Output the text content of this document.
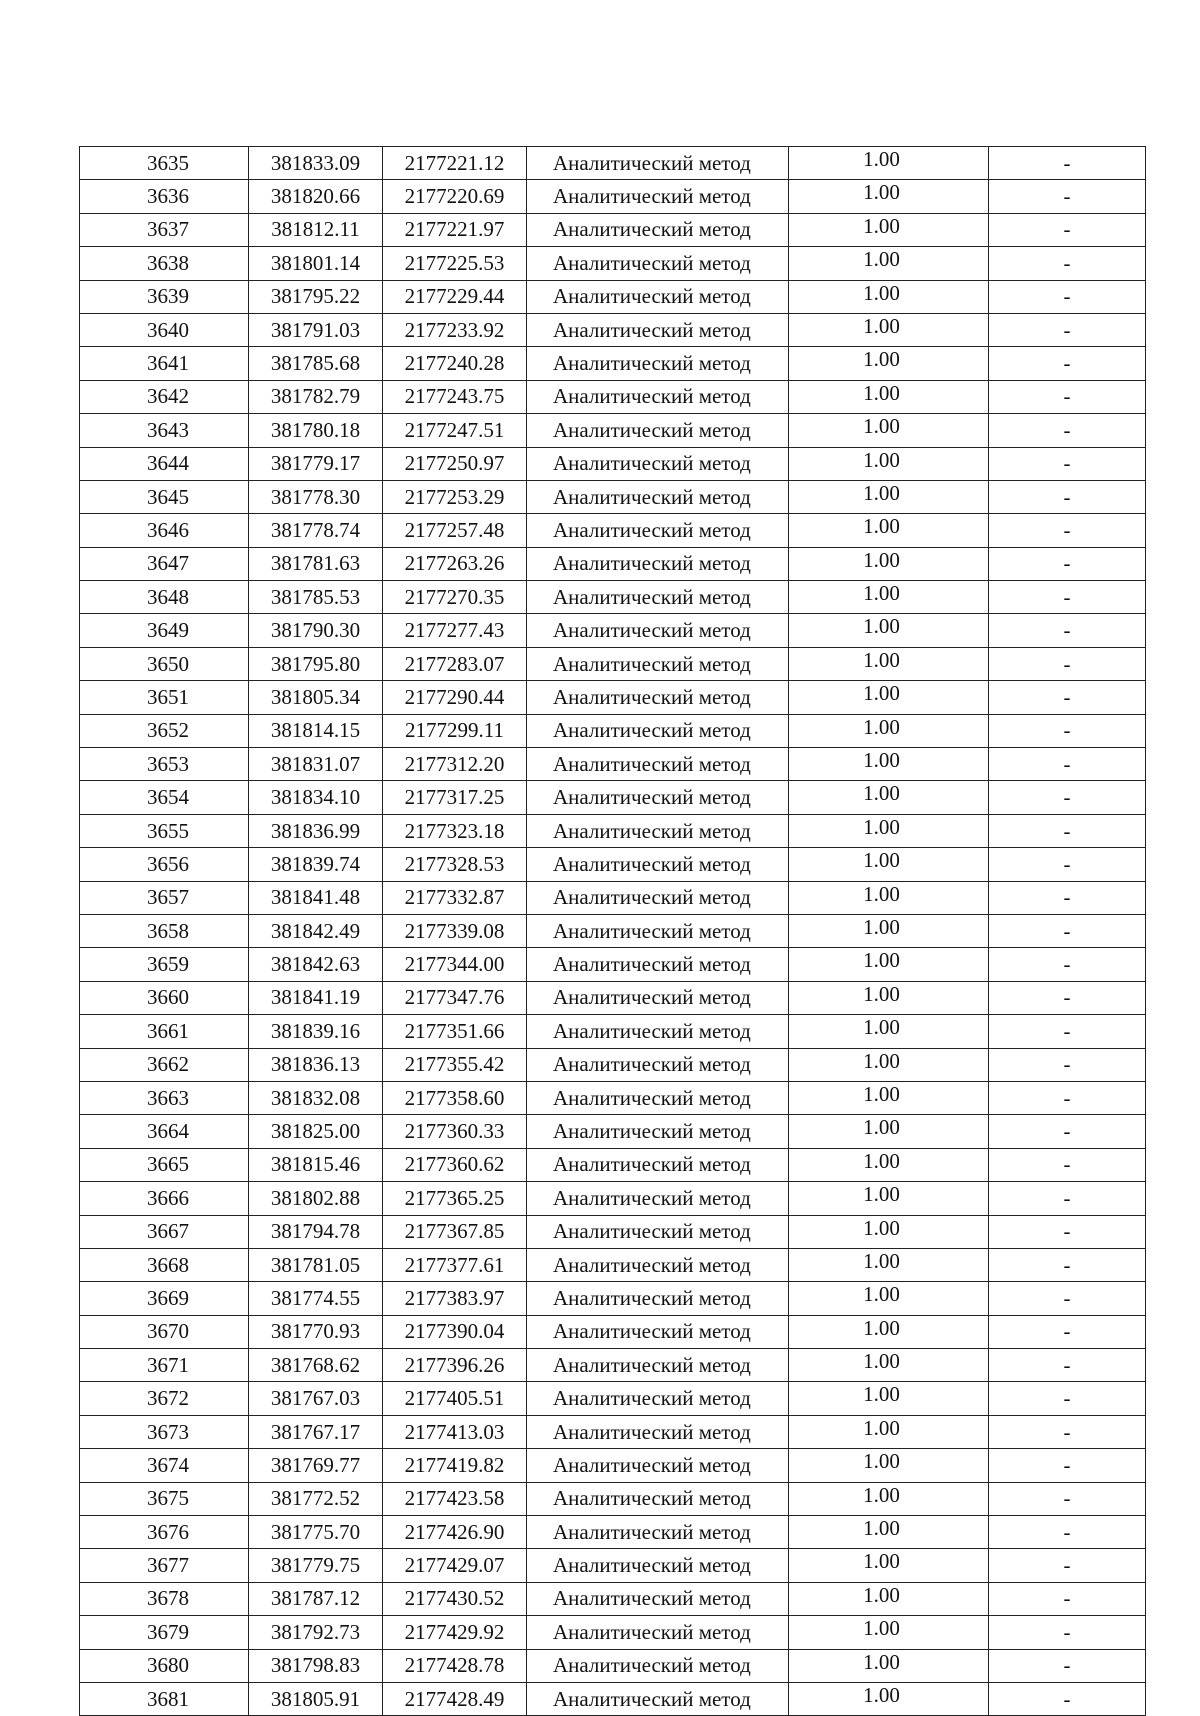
3635	381833.09	2177221.12	Аналитический метод	1.00	-
3636	381820.66	2177220.69	Аналитический метод	1.00	-
3637	381812.11	2177221.97	Аналитический метод	1.00	-
3638	381801.14	2177225.53	Аналитический метод	1.00	-
3639	381795.22	2177229.44	Аналитический метод	1.00	-
3640	381791.03	2177233.92	Аналитический метод	1.00	-
3641	381785.68	2177240.28	Аналитический метод	1.00	-
3642	381782.79	2177243.75	Аналитический метод	1.00	-
3643	381780.18	2177247.51	Аналитический метод	1.00	-
3644	381779.17	2177250.97	Аналитический метод	1.00	-
3645	381778.30	2177253.29	Аналитический метод	1.00	-
3646	381778.74	2177257.48	Аналитический метод	1.00	-
3647	381781.63	2177263.26	Аналитический метод	1.00	-
3648	381785.53	2177270.35	Аналитический метод	1.00	-
3649	381790.30	2177277.43	Аналитический метод	1.00	-
3650	381795.80	2177283.07	Аналитический метод	1.00	-
3651	381805.34	2177290.44	Аналитический метод	1.00	-
3652	381814.15	2177299.11	Аналитический метод	1.00	-
3653	381831.07	2177312.20	Аналитический метод	1.00	-
3654	381834.10	2177317.25	Аналитический метод	1.00	-
3655	381836.99	2177323.18	Аналитический метод	1.00	-
3656	381839.74	2177328.53	Аналитический метод	1.00	-
3657	381841.48	2177332.87	Аналитический метод	1.00	-
3658	381842.49	2177339.08	Аналитический метод	1.00	-
3659	381842.63	2177344.00	Аналитический метод	1.00	-
3660	381841.19	2177347.76	Аналитический метод	1.00	-
3661	381839.16	2177351.66	Аналитический метод	1.00	-
3662	381836.13	2177355.42	Аналитический метод	1.00	-
3663	381832.08	2177358.60	Аналитический метод	1.00	-
3664	381825.00	2177360.33	Аналитический метод	1.00	-
3665	381815.46	2177360.62	Аналитический метод	1.00	-
3666	381802.88	2177365.25	Аналитический метод	1.00	-
3667	381794.78	2177367.85	Аналитический метод	1.00	-
3668	381781.05	2177377.61	Аналитический метод	1.00	-
3669	381774.55	2177383.97	Аналитический метод	1.00	-
3670	381770.93	2177390.04	Аналитический метод	1.00	-
3671	381768.62	2177396.26	Аналитический метод	1.00	-
3672	381767.03	2177405.51	Аналитический метод	1.00	-
3673	381767.17	2177413.03	Аналитический метод	1.00	-
3674	381769.77	2177419.82	Аналитический метод	1.00	-
3675	381772.52	2177423.58	Аналитический метод	1.00	-
3676	381775.70	2177426.90	Аналитический метод	1.00	-
3677	381779.75	2177429.07	Аналитический метод	1.00	-
3678	381787.12	2177430.52	Аналитический метод	1.00	-
3679	381792.73	2177429.92	Аналитический метод	1.00	-
3680	381798.83	2177428.78	Аналитический метод	1.00	-
3681	381805.91	2177428.49	Аналитический метод	1.00	-
